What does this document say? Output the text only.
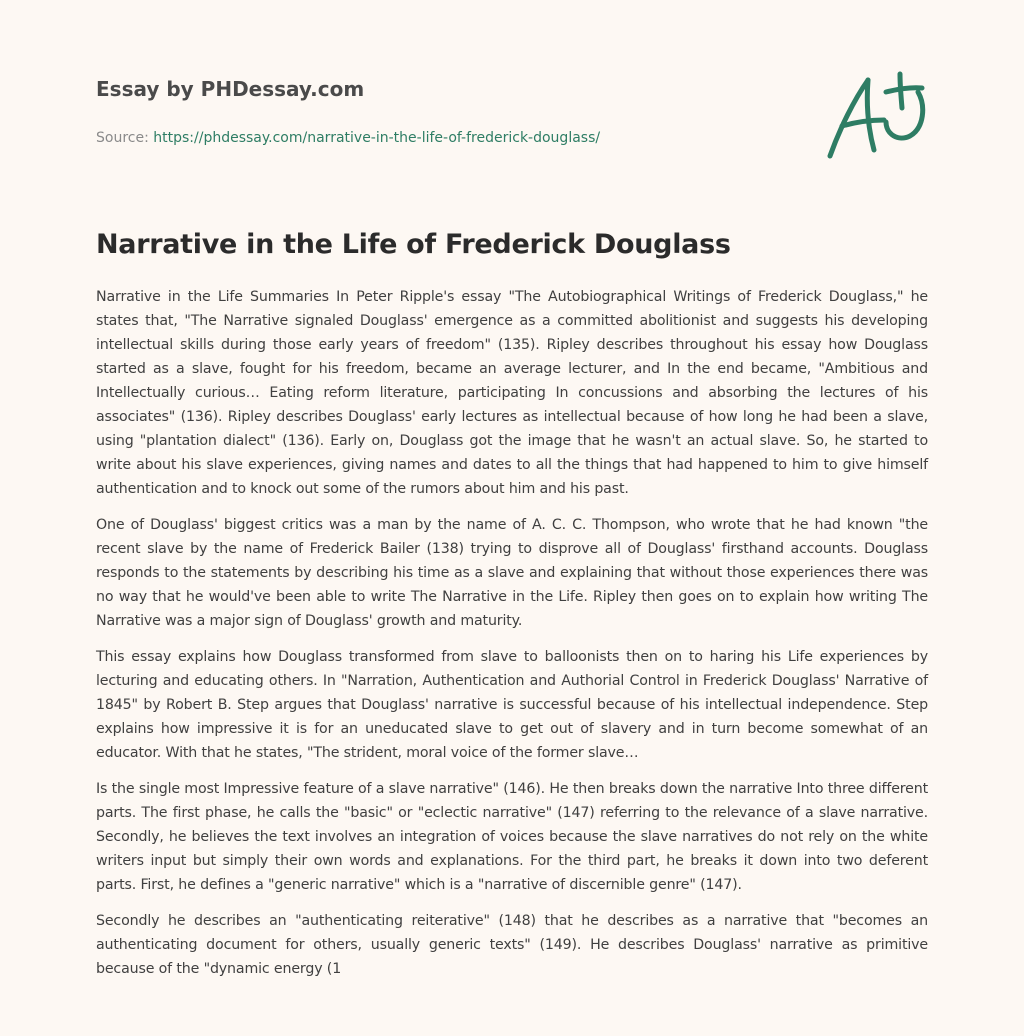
Essay by PHDessay.com
Source: https://phdessay.com/narrative-in-the-life-of-frederick-douglass/
Narrative in the Life of Frederick Douglass

Narrative in the Life Summaries In Peter Ripple's essay "The Autobiographical Writings of Frederick Douglass," he states that, "The Narrative signaled Douglass' emergence as a committed abolitionist and suggests his developing intellectual skills during those early years of freedom" (135). Ripley describes throughout his essay how Douglass started as a slave, fought for his freedom, became an average lecturer, and In the end became, "Ambitious and Intellectually curious… Eating reform literature, participating In concussions and absorbing the lectures of his associates" (136). Ripley describes Douglass' early lectures as intellectual because of how long he had been a slave, using "plantation dialect" (136). Early on, Douglass got the image that he wasn't an actual slave. So, he started to write about his slave experiences, giving names and dates to all the things that had happened to him to give himself authentication and to knock out some of the rumors about him and his past.

One of Douglass' biggest critics was a man by the name of A. C. C. Thompson, who wrote that he had known "the recent slave by the name of Frederick Bailer (138) trying to disprove all of Douglass' firsthand accounts. Douglass responds to the statements by describing his time as a slave and explaining that without those experiences there was no way that he would've been able to write The Narrative in the Life. Ripley then goes on to explain how writing The Narrative was a major sign of Douglass' growth and maturity.

This essay explains how Douglass transformed from slave to balloonists then on to haring his Life experiences by lecturing and educating others. In "Narration, Authentication and Authorial Control in Frederick Douglass' Narrative of 1845" by Robert B. Step argues that Douglass' narrative is successful because of his intellectual independence. Step explains how impressive it is for an uneducated slave to get out of slavery and in turn become somewhat of an educator. With that he states, "The strident, moral voice of the former slave…

Is the single most Impressive feature of a slave narrative" (146). He then breaks down the narrative Into three different parts. The first phase, he calls the "basic" or "eclectic narrative" (147) referring to the relevance of a slave narrative. Secondly, he believes the text involves an integration of voices because the slave narratives do not rely on the white writers input but simply their own words and explanations. For the third part, he breaks it down into two deferent parts. First, he defines a "generic narrative" which is a "narrative of discernible genre" (147).

Secondly he describes an "authenticating reiterative" (148) that he describes as a narrative that "becomes an authenticating document for others, usually generic texts" (149). He describes Douglass' narrative as primitive because of the "dynamic energy (1
